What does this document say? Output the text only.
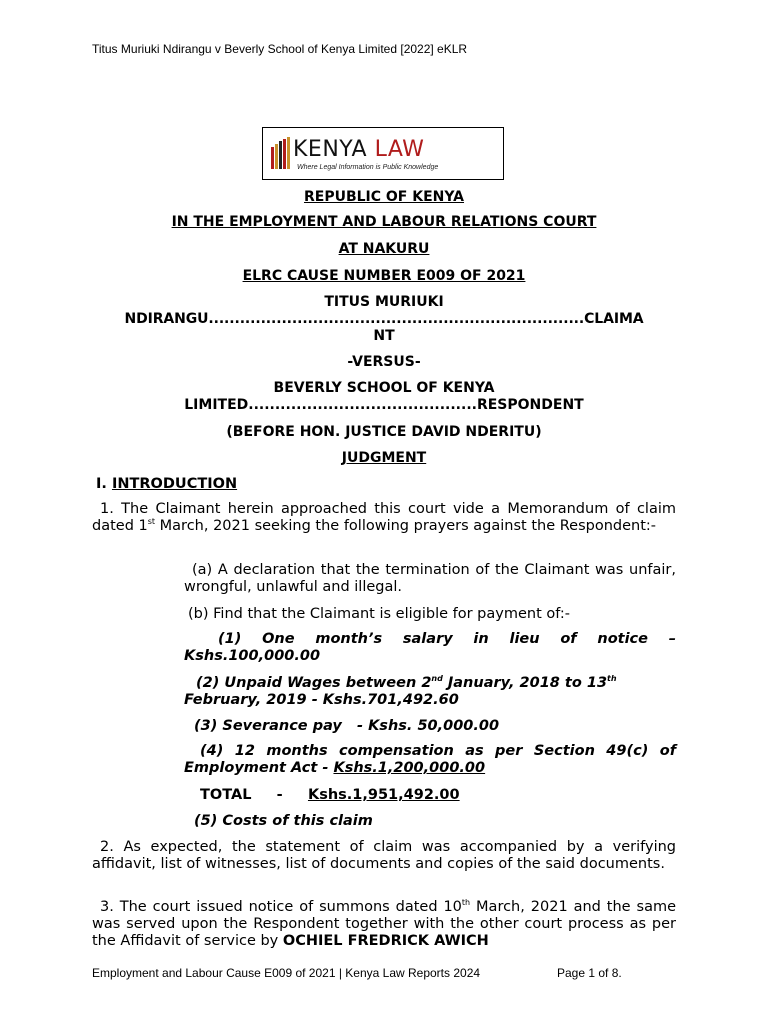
Titus Muriuki Ndirangu v Beverly School of Kenya Limited [2022] eKLR
KENYA LAW
Where Legal Information is Public Knowledge
REPUBLIC OF KENYA
IN THE EMPLOYMENT AND LABOUR RELATIONS COURT
AT NAKURU
ELRC CAUSE NUMBER E009 OF 2021
TITUS MURIUKI
NDIRANGU........................................................................CLAIMA
NT
-VERSUS-
BEVERLY SCHOOL OF KENYA
LIMITED...........................................RESPONDENT
(BEFORE HON. JUSTICE DAVID NDERITU)
JUDGMENT
I. INTRODUCTION
1. The Claimant herein approached this court vide a Memorandum of claim dated 1st March, 2021 seeking the following prayers against the Respondent:-
(a) A declaration that the termination of the Claimant was unfair, wrongful, unlawful and illegal.
(b) Find that the Claimant is eligible for payment of:-
(1) One month’s salary in lieu of notice – Kshs.100,000.00
(2) Unpaid Wages between 2nd January, 2018 to 13th February, 2019 - Kshs.701,492.60
(3) Severance pay   - Kshs. 50,000.00
(4) 12 months compensation as per Section 49(c) of Employment Act - Kshs.1,200,000.00
TOTAL     -     Kshs.1,951,492.00
(5) Costs of this claim
2. As expected, the statement of claim was accompanied by a verifying affidavit, list of witnesses, list of documents and copies of the said documents.
3. The court issued notice of summons dated 10th March, 2021 and the same was served upon the Respondent together with the other court process as per the Affidavit of service by OCHIEL FREDRICK AWICH
Employment and Labour Cause E009 of 2021 | Kenya Law Reports 2024	Page 1 of 8.
